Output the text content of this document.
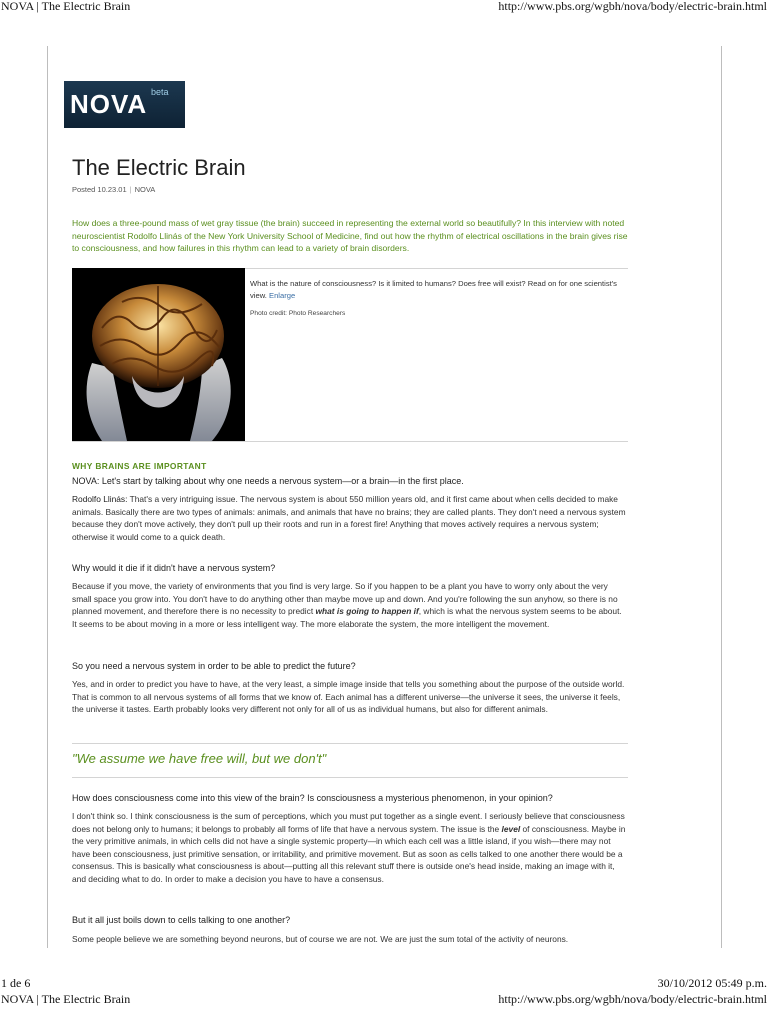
NOVA | The Electric Brain	http://www.pbs.org/wgbh/nova/body/electric-brain.html
NOVA beta
The Electric Brain
Posted 10.23.01 | NOVA
How does a three-pound mass of wet gray tissue (the brain) succeed in representing the external world so beautifully? In this interview with noted neuroscientist Rodolfo Llinás of the New York University School of Medicine, find out how the rhythm of electrical oscillations in the brain gives rise to consciousness, and how failures in this rhythm can lead to a variety of brain disorders.
What is the nature of consciousness? Is it limited to humans? Does free will exist? Read on for one scientist's view. Enlarge
Photo credit: Photo Researchers
WHY BRAINS ARE IMPORTANT
NOVA: Let's start by talking about why one needs a nervous system—or a brain—in the first place.
Rodolfo Llinás: That's a very intriguing issue. The nervous system is about 550 million years old, and it first came about when cells decided to make animals. Basically there are two types of animals: animals, and animals that have no brains; they are called plants. They don't need a nervous system because they don't move actively, they don't pull up their roots and run in a forest fire! Anything that moves actively requires a nervous system; otherwise it would come to a quick death.
Why would it die if it didn't have a nervous system?
Because if you move, the variety of environments that you find is very large. So if you happen to be a plant you have to worry only about the very small space you grow into. You don't have to do anything other than maybe move up and down. And you're following the sun anyhow, so there is no planned movement, and therefore there is no necessity to predict what is going to happen if, which is what the nervous system seems to be about. It seems to be about moving in a more or less intelligent way. The more elaborate the system, the more intelligent the movement.
So you need a nervous system in order to be able to predict the future?
Yes, and in order to predict you have to have, at the very least, a simple image inside that tells you something about the purpose of the outside world. That is common to all nervous systems of all forms that we know of. Each animal has a different universe—the universe it sees, the universe it feels, the universe it tastes. Earth probably looks very different not only for all of us as individual humans, but also for different animals.
"We assume we have free will, but we don't"
How does consciousness come into this view of the brain? Is consciousness a mysterious phenomenon, in your opinion?
I don't think so. I think consciousness is the sum of perceptions, which you must put together as a single event. I seriously believe that consciousness does not belong only to humans; it belongs to probably all forms of life that have a nervous system. The issue is the level of consciousness. Maybe in the very primitive animals, in which cells did not have a single systemic property—in which each cell was a little island, if you wish—there may not have been consciousness, just primitive sensation, or irritability, and primitive movement. But as soon as cells talked to one another there would be a consensus. This is basically what consciousness is about—putting all this relevant stuff there is outside one's head inside, making an image with it, and deciding what to do. In order to make a decision you have to have a consensus.
But it all just boils down to cells talking to one another?
Some people believe we are something beyond neurons, but of course we are not. We are just the sum total of the activity of neurons.
1 de 6	30/10/2012 05:49 p.m.
NOVA | The Electric Brain	http://www.pbs.org/wgbh/nova/body/electric-brain.html
